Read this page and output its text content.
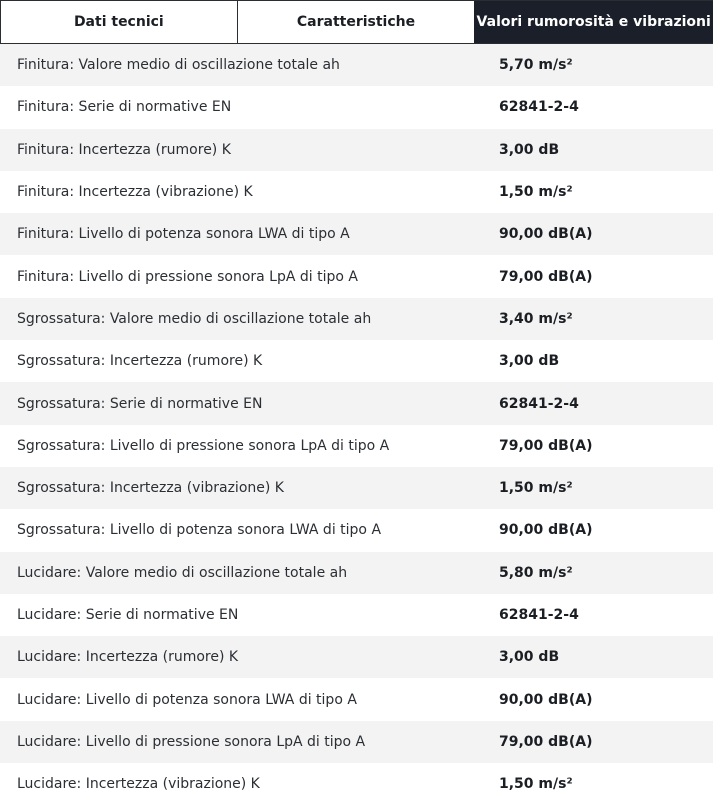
Dati tecnici	Caratteristiche	Valori rumorosità e vibrazioni
Finitura: Valore medio di oscillazione totale ah	5,70 m/s²
Finitura: Serie di normative EN	62841-2-4
Finitura: Incertezza (rumore) K	3,00 dB
Finitura: Incertezza (vibrazione) K	1,50 m/s²
Finitura: Livello di potenza sonora LWA di tipo A	90,00 dB(A)
Finitura: Livello di pressione sonora LpA di tipo A	79,00 dB(A)
Sgrossatura: Valore medio di oscillazione totale ah	3,40 m/s²
Sgrossatura: Incertezza (rumore) K	3,00 dB
Sgrossatura: Serie di normative EN	62841-2-4
Sgrossatura: Livello di pressione sonora LpA di tipo A	79,00 dB(A)
Sgrossatura: Incertezza (vibrazione) K	1,50 m/s²
Sgrossatura: Livello di potenza sonora LWA di tipo A	90,00 dB(A)
Lucidare: Valore medio di oscillazione totale ah	5,80 m/s²
Lucidare: Serie di normative EN	62841-2-4
Lucidare: Incertezza (rumore) K	3,00 dB
Lucidare: Livello di potenza sonora LWA di tipo A	90,00 dB(A)
Lucidare: Livello di pressione sonora LpA di tipo A	79,00 dB(A)
Lucidare: Incertezza (vibrazione) K	1,50 m/s²
